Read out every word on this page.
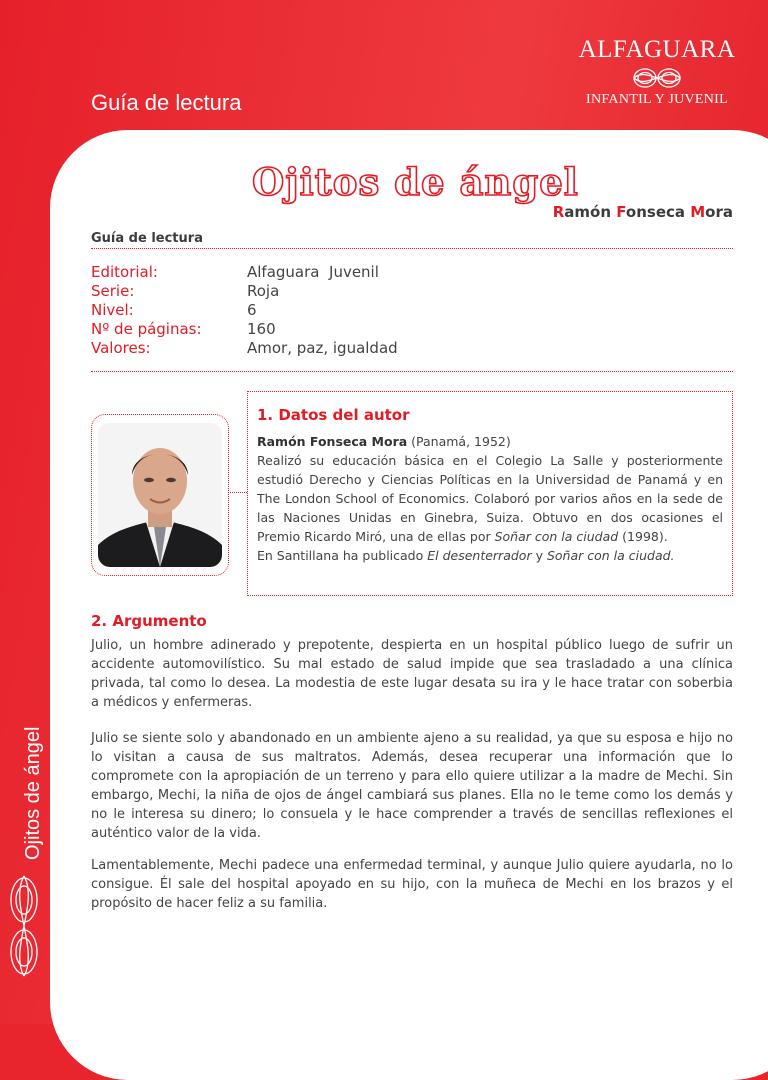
Guía de lectura
ALFAGUARA
INFANTIL Y JUVENIL
Ojitos de ángel
Ojitos de ángel
Ramón Fonseca Mora
Guía de lectura
Editorial:	Alfaguara  Juvenil
Serie:	Roja
Nivel:	6
Nº de páginas:	160
Valores:	Amor, paz, igualdad
1. Datos del autor
Ramón Fonseca Mora (Panamá, 1952)
Realizó su educación básica en el Colegio La Salle y posteriormente estudió Derecho y Ciencias Políticas en la Universidad de Panamá y en The London School of Economics. Colaboró por varios años en la sede de las Naciones Unidas en Ginebra, Suiza. Obtuvo en dos ocasiones el Premio Ricardo Miró, una de ellas por Soñar con la ciudad (1998).
En Santillana ha publicado El desenterrador y Soñar con la ciudad.
2. Argumento

Julio, un hombre adinerado y prepotente, despierta en un hospital público luego de sufrir un accidente automovilístico. Su mal estado de salud impide que sea trasladado a una clínica privada, tal como lo desea. La modestia de este lugar desata su ira y le hace tratar con soberbia a médicos y enfermeras.

Julio se siente solo y abandonado en un ambiente ajeno a su realidad, ya que su esposa e hijo no lo visitan a causa de sus maltratos. Además, desea recuperar una información que lo compromete con la apropiación de un terreno y para ello quiere utilizar a la madre de Mechi. Sin embargo, Mechi, la niña de ojos de ángel cambiará sus planes. Ella no le teme como los demás y no le interesa su dinero; lo consuela y le hace comprender a través de sencillas reflexiones el auténtico valor de la vida.

Lamentablemente, Mechi padece una enfermedad terminal, y aunque Julio quiere ayudarla, no lo consigue. Él sale del hospital apoyado en su hijo, con la muñeca de Mechi en los brazos y el propósito de hacer feliz a su familia.
